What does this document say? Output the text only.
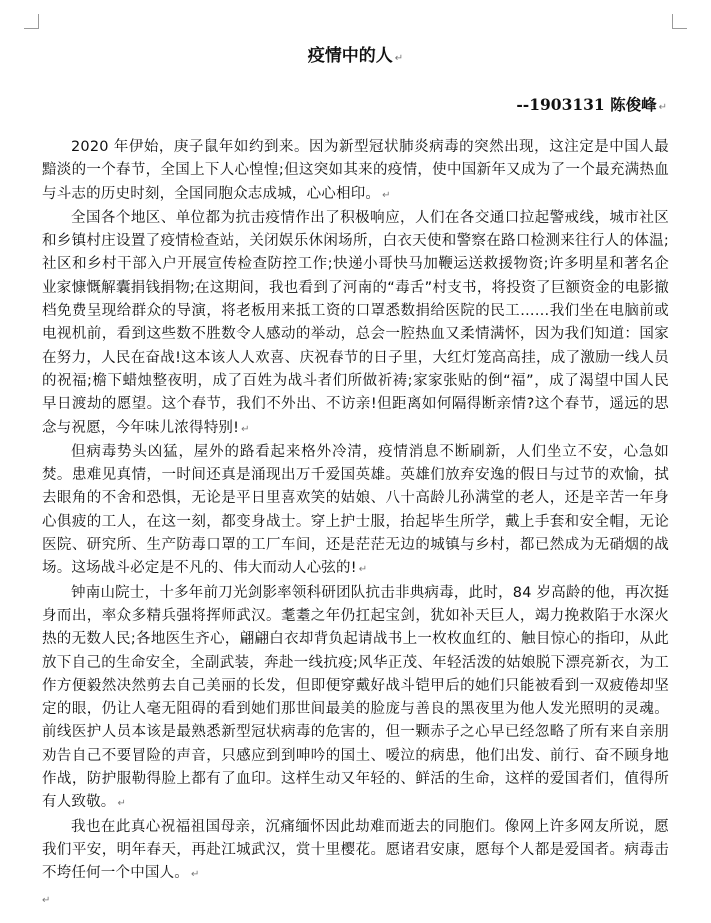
疫情中的人 ↵
--1903131 陈俊峰 ↵

2020 年伊始，庚子鼠年如约到来。因为新型冠状肺炎病毒的突然出现，这注定是中国人最黯淡的一个春节，全国上下人心惶惶;但这突如其来的疫情，使中国新年又成为了一个最充满热血与斗志的历史时刻，全国同胞众志成城，心心相印。 ↵

全国各个地区、单位都为抗击疫情作出了积极响应，人们在各交通口拉起警戒线，城市社区和乡镇村庄设置了疫情检查站，关闭娱乐休闲场所，白衣天使和警察在路口检测来往行人的体温;社区和乡村干部入户开展宣传检查防控工作;快递小哥快马加鞭运送救援物资;许多明星和著名企业家慷慨解囊捐钱捐物;在这期间，我也看到了河南的“毒舌”村支书，将投资了巨额资金的电影撤档免费呈现给群众的导演，将老板用来抵工资的口罩悉数捐给医院的民工……我们坐在电脑前或电视机前，看到这些数不胜数令人感动的举动，总会一腔热血又柔情满怀，因为我们知道：国家在努力，人民在奋战!这本该人人欢喜、庆祝春节的日子里，大红灯笼高高挂，成了激励一线人员的祝福;檐下蜡烛整夜明，成了百姓为战斗者们所做祈祷;家家张贴的倒“福”，成了渴望中国人民早日渡劫的愿望。这个春节，我们不外出、不访亲!但距离如何隔得断亲情?这个春节，遥远的思念与祝愿，今年味儿浓得特别! ↵

但病毒势头凶猛，屋外的路看起来格外冷清，疫情消息不断刷新，人们坐立不安，心急如焚。患难见真情，一时间还真是涌现出万千爱国英雄。英雄们放弃安逸的假日与过节的欢愉，拭去眼角的不舍和恐惧，无论是平日里喜欢笑的姑娘、八十高龄儿孙满堂的老人，还是辛苦一年身心俱疲的工人，在这一刻，都变身战士。穿上护士服，抬起毕生所学，戴上手套和安全帽，无论医院、研究所、生产防毒口罩的工厂车间，还是茫茫无边的城镇与乡村，都已然成为无硝烟的战场。这场战斗必定是不凡的、伟大而动人心弦的! ↵

钟南山院士，十多年前刀光剑影率领科研团队抗击非典病毒，此时，84 岁高龄的他，再次挺身而出，率众多精兵强将挥师武汉。耄耋之年仍扛起宝剑，犹如补天巨人，竭力挽救陷于水深火热的无数人民;各地医生齐心，翩翩白衣却背负起请战书上一枚枚血红的、触目惊心的指印，从此放下自己的生命安全，全副武装，奔赴一线抗疫;风华正茂、年轻活泼的姑娘脱下漂亮新衣，为工作方便毅然决然剪去自己美丽的长发，但即便穿戴好战斗铠甲后的她们只能被看到一双疲倦却坚定的眼，仍让人毫无阻碍的看到她们那世间最美的脸庞与善良的黑夜里为他人发光照明的灵魂。前线医护人员本该是最熟悉新型冠状病毒的危害的，但一颗赤子之心早已经忽略了所有来自亲朋劝告自己不要冒险的声音，只感应到到呻吟的国土、嗳泣的病患，他们出发、前行、奋不顾身地作战，防护服勒得脸上都有了血印。这样生动又年轻的、鲜活的生命，这样的爱国者们，值得所有人致敬。 ↵

我也在此真心祝福祖国母亲，沉痛缅怀因此劫难而逝去的同胞们。像网上许多网友所说，愿我们平安，明年春天，再赴江城武汉，赏十里樱花。愿诸君安康，愿每个人都是爱国者。病毒击不垮任何一个中国人。 ↵

↵
